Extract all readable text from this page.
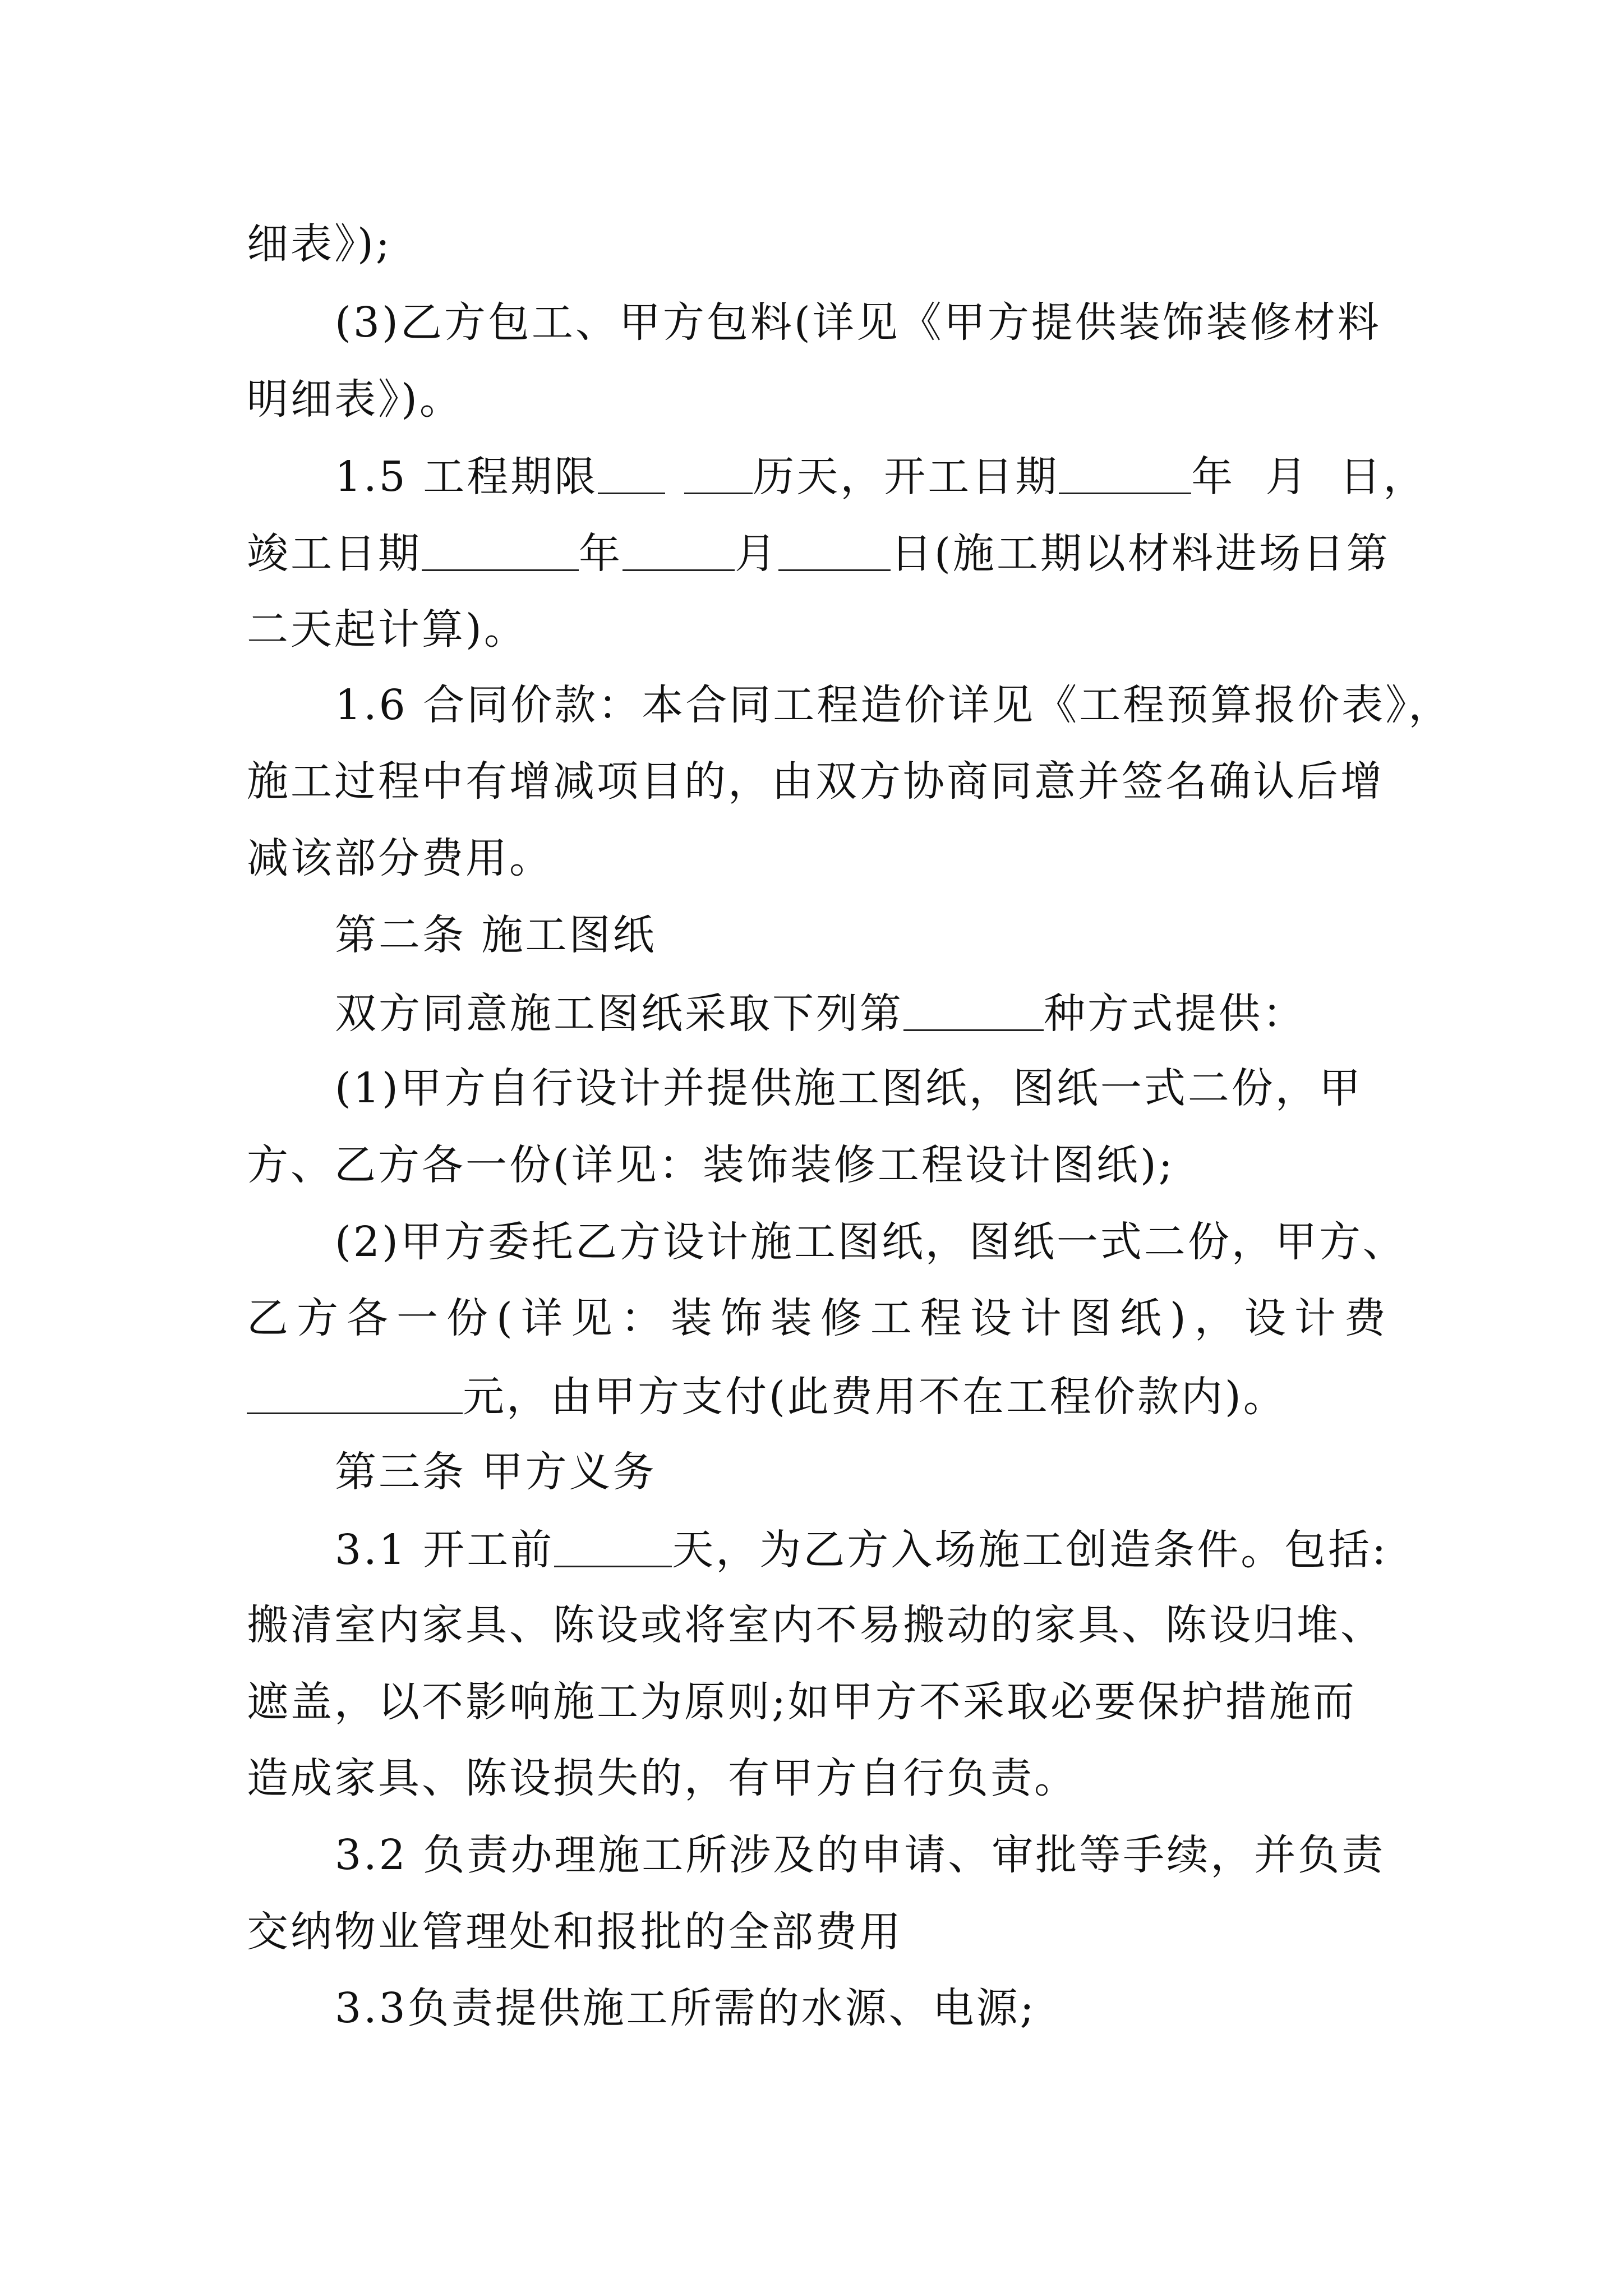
细表》);
(3)乙方包工、甲方包料(详见《甲方提供装饰装修材料
明细表》)。
1.5 工程期限	历天，开工日期	年 月 日，
竣工日期	年	月	日(施工期以材料进场日第
二天起计算)。
1.6 合同价款：本合同工程造价详见《工程预算报价表》，
施工过程中有增减项目的，由双方协商同意并签名确认后增
减该部分费用。
第二条 施工图纸
双方同意施工图纸采取下列第	种方式提供：
(1)甲方自行设计并提供施工图纸，图纸一式二份，甲
方、乙方各一份(详见：装饰装修工程设计图纸);
(2)甲方委托乙方设计施工图纸，图纸一式二份，甲方、
乙方各一份(详见：装饰装修工程设计图纸)，设计费
元，由甲方支付(此费用不在工程价款内)。
第三条 甲方义务
3.1 开工前	天，为乙方入场施工创造条件。包括:
搬清室内家具、陈设或将室内不易搬动的家具、陈设归堆、
遮盖，以不影响施工为原则;如甲方不采取必要保护措施而
造成家具、陈设损失的，有甲方自行负责。
3.2 负责办理施工所涉及的申请、审批等手续，并负责
交纳物业管理处和报批的全部费用
3.3负责提供施工所需的水源、电源;
